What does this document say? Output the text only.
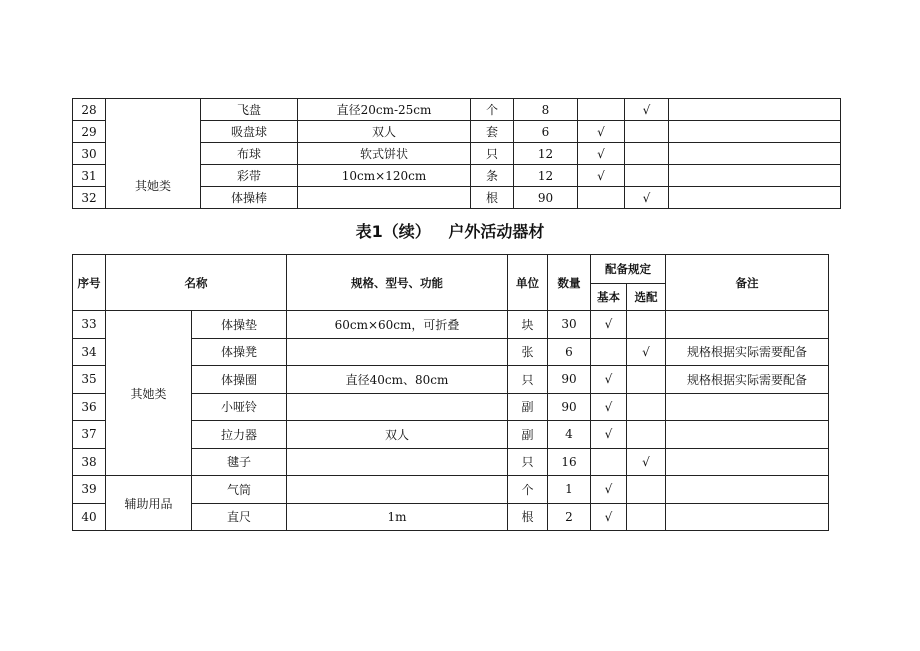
28	其她类	飞盘	直径20cm-25cm	个	8		√	
29		吸盘球	双人	套	6	√		
30		布球	软式饼状	只	12	√		
31		彩带	10cm×120cm	条	12	√		
32		体操棒		根	90		√	
表1（续） 户外活动器材
序号	名称		规格、型号、功能	单位	数量	配备规定		备注
						基本	选配	
33	其她类	体操垫	60cm×60cm，可折叠	块	30	√		
34		体操凳		张	6		√	规格根据实际需要配备
35		体操圈	直径40cm、80cm	只	90	√		规格根据实际需要配备
36		小哑铃		副	90	√		
37		拉力器	双人	副	4	√		
38		毽子		只	16		√	
39	辅助用品	气筒		个	1	√		
40		直尺	1m	根	2	√		
